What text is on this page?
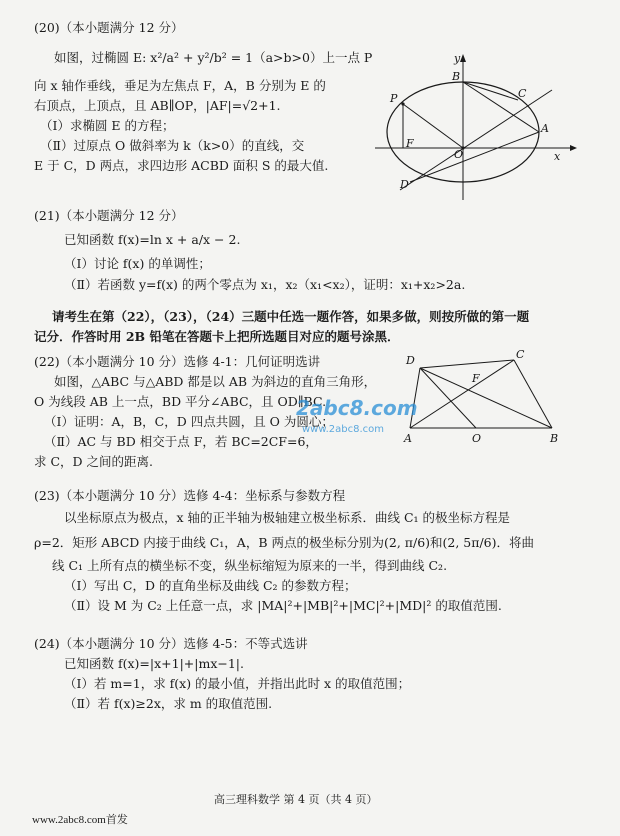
(20)（本小题满分 12 分）
如图，过椭圆 E: x²/a² + y²/b² = 1（a>b>0）上一点 P
向 x 轴作垂线，垂足为左焦点 F，A，B 分别为 E 的
右顶点，上顶点，且 AB∥OP，|AF|=√2+1.
（Ⅰ）求椭圆 E 的方程；
（Ⅱ）过原点 O 做斜率为 k（k>0）的直线，交
E 于 C，D 两点，求四边形 ACBD 面积 S 的最大值.
y
B
C
P
F
O
A
x
D
(21)（本小题满分 12 分）
已知函数 f(x)=ln x + a/x − 2.
（Ⅰ）讨论 f(x) 的单调性；
（Ⅱ）若函数 y=f(x) 的两个零点为 x₁，x₂（x₁<x₂），证明：x₁+x₂>2a.
请考生在第（22），（23），（24）三题中任选一题作答，如果多做，则按所做的第一题
记分．作答时用 2B 铅笔在答题卡上把所选题目对应的题号涂黑．
(22)（本小题满分 10 分）选修 4-1：几何证明选讲
如图，△ABC 与△ABD 都是以 AB 为斜边的直角三角形，
O 为线段 AB 上一点，BD 平分∠ABC，且 OD∥BC.
（Ⅰ）证明：A，B，C，D 四点共圆，且 O 为圆心；
（Ⅱ）AC 与 BD 相交于点 F，若 BC=2CF=6，
求 C，D 之间的距离.
D	C
F
A	O	B
2abc8.com
www.2abc8.com
(23)（本小题满分 10 分）选修 4-4：坐标系与参数方程
以坐标原点为极点，x 轴的正半轴为极轴建立极坐标系．曲线 C₁ 的极坐标方程是
ρ=2．矩形 ABCD 内接于曲线 C₁，A，B 两点的极坐标分别为(2, π/6)和(2, 5π/6)．将曲
线 C₁ 上所有点的横坐标不变，纵坐标缩短为原来的一半，得到曲线 C₂.
（Ⅰ）写出 C，D 的直角坐标及曲线 C₂ 的参数方程；
（Ⅱ）设 M 为 C₂ 上任意一点，求 |MA|²+|MB|²+|MC|²+|MD|² 的取值范围.
(24)（本小题满分 10 分）选修 4-5：不等式选讲
已知函数 f(x)=|x+1|+|mx−1|.
（Ⅰ）若 m=1，求 f(x) 的最小值，并指出此时 x 的取值范围；
（Ⅱ）若 f(x)≥2x，求 m 的取值范围.
高三理科数学 第 4 页（共 4 页）
www.2abc8.com首发
